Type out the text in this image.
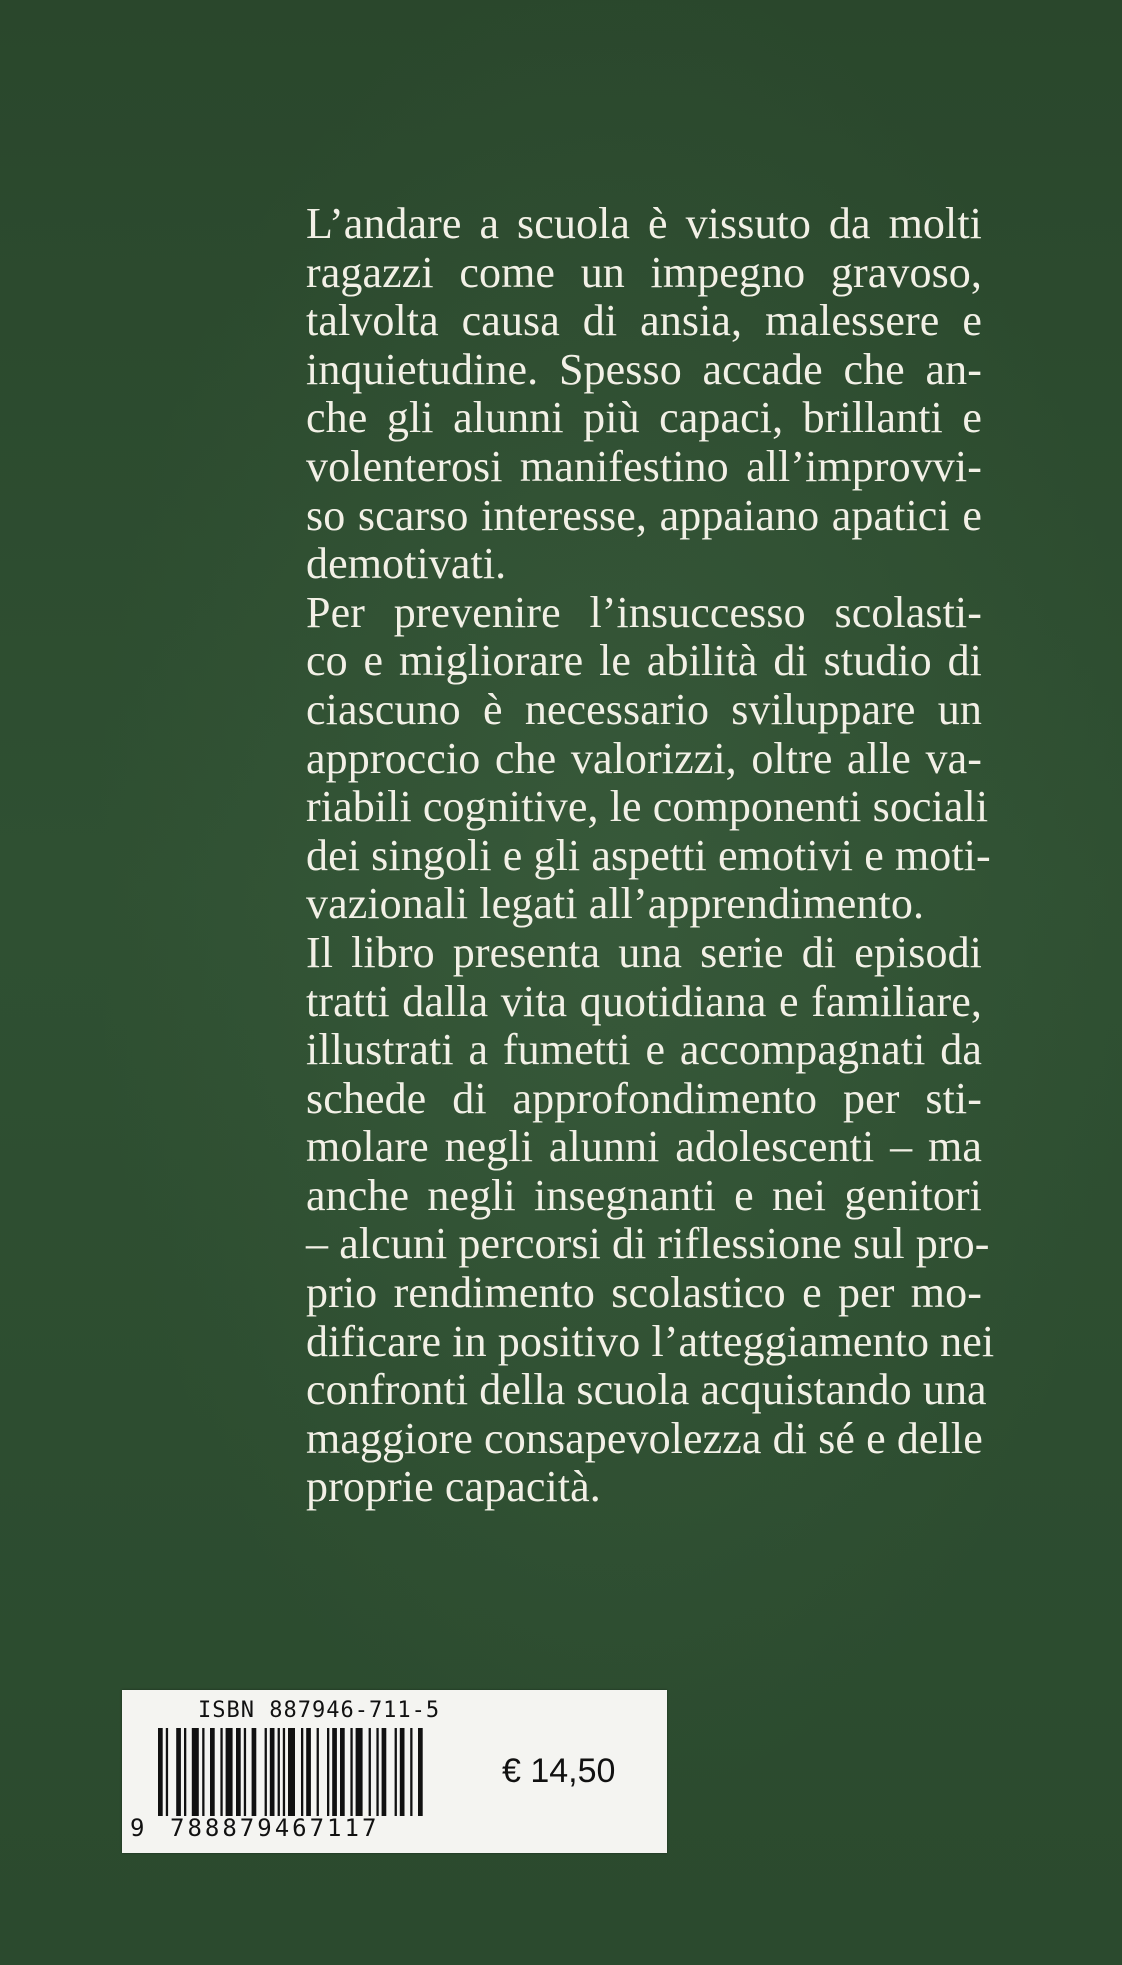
L’andare a scuola è vissuto da molti
ragazzi come un impegno gravoso,
talvolta causa di ansia, malessere e
inquietudine. Spesso accade che an-
che gli alunni più capaci, brillanti e
volenterosi manifestino all’improvvi-
so scarso interesse, appaiano apatici e
demotivati.
Per prevenire l’insuccesso scolasti-
co e migliorare le abilità di studio di
ciascuno è necessario sviluppare un
approccio che valorizzi, oltre alle va-
riabili cognitive, le componenti sociali
dei singoli e gli aspetti emotivi e moti-
vazionali legati all’apprendimento.
Il libro presenta una serie di episodi
tratti dalla vita quotidiana e familiare,
illustrati a fumetti e accompagnati da
schede di approfondimento per sti-
molare negli alunni adolescenti – ma
anche negli insegnanti e nei genitori
– alcuni percorsi di riflessione sul pro-
prio rendimento scolastico e per mo-
dificare in positivo l’atteggiamento nei
confronti della scuola acquistando una
maggiore consapevolezza di sé e delle
proprie capacità.
ISBN 887946-711-5
9 788879467117
€ 14,50
